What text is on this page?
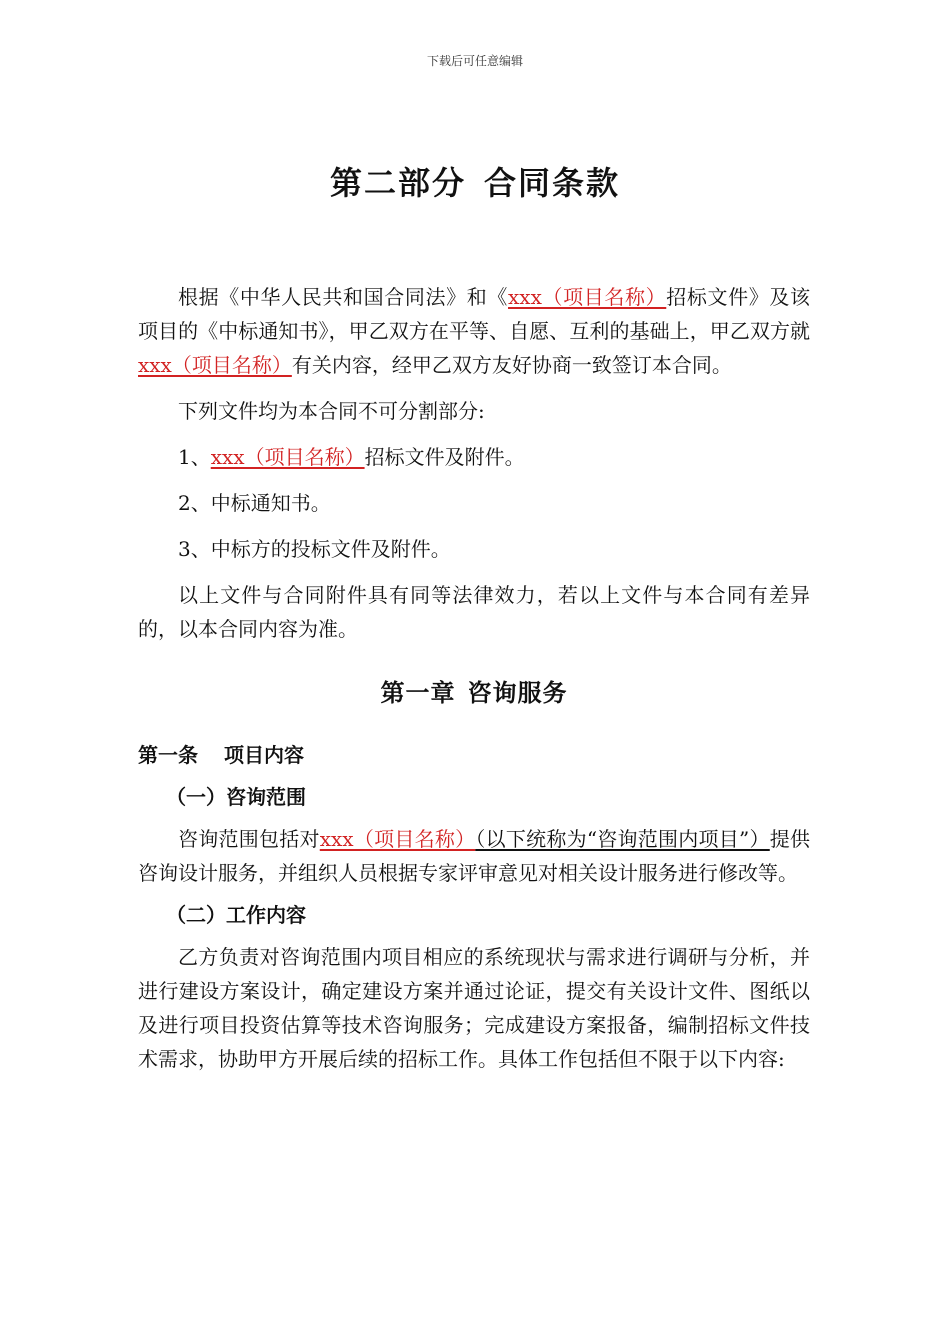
下载后可任意编辑
第二部分 合同条款

根据《中华人民共和国合同法》和《xxx（项目名称）招标文件》及该项目的《中标通知书》，甲乙双方在平等、自愿、互利的基础上，甲乙双方就xxx（项目名称）有关内容，经甲乙双方友好协商一致签订本合同。

下列文件均为本合同不可分割部分:

1、xxx（项目名称）招标文件及附件。

2、中标通知书。

3、中标方的投标文件及附件。

以上文件与合同附件具有同等法律效力，若以上文件与本合同有差异的，以本合同内容为准。

第一章 咨询服务
第一条 项目内容
（一）咨询范围

咨询范围包括对xxx（项目名称）（以下统称为“咨询范围内项目”）提供咨询设计服务，并组织人员根据专家评审意见对相关设计服务进行修改等。

（二）工作内容

乙方负责对咨询范围内项目相应的系统现状与需求进行调研与分析，并进行建设方案设计，确定建设方案并通过论证，提交有关设计文件、图纸以及进行项目投资估算等技术咨询服务；完成建设方案报备，编制招标文件技术需求，协助甲方开展后续的招标工作。具体工作包括但不限于以下内容:
